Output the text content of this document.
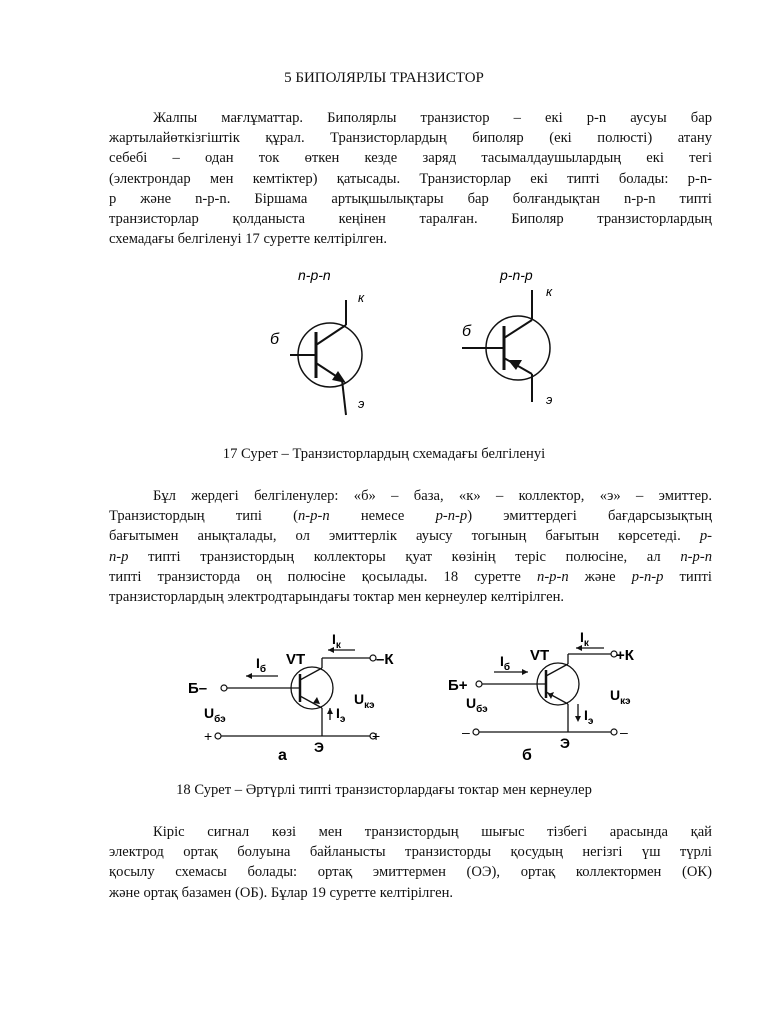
5 БИПОЛЯРЛЫ ТРАНЗИСТОР
Жалпы мағлұматтар. Биполярлы транзистор – екі p-n аусуы бар
жартылайөткізгіштік құрал. Транзисторлардың биполяр (екі полюсті) атану
себебі – одан ток өткен кезде заряд тасымалдаушылардың екі тегі
(электрондар мен кемтіктер) қатысады. Транзисторлар екі типті болады: p-n-
p және n-p-n. Біршама артықшылықтары бар болғандықтан n-p-n типті
транзисторлар қолданыста кеңінен таралған. Биполяр транзисторлардың
схемадағы белгіленуі 17 суретте келтірілген.
n-p-n
б
к
э
p-n-p
б
к
э
17 Сурет – Транзисторлардың схемадағы белгіленуі
Бұл жердегі белгіленулер: «б» – база, «к» – коллектор, «э» – эмиттер.
Транзистордың типі (n-p-n немесе p-n-p) эмиттердегі бағдарсызықтың
бағытымен анықталады, ол эмиттерлік ауысу тогының бағытын көрсетеді. p-
n-p типті транзистордың коллекторы қуат көзінің теріс полюсіне, ал n-p-n
типті транзисторда оң полюсіне қосылады. 18 суретте n-p-n және p-n-p типті
транзисторлардың электродтарындағы токтар мен кернеулер келтірілген.
VT
$I_к$
$I_б$
$I_э$
$U_{бэ}$
$U_{кэ}$
Б–
–К
Э
+	+
а
VT
$I_к$
$I_б$
$I_э$
$U_{бэ}$
$U_{кэ}$
Б+
+К
Э
–	–
б
18 Сурет – Әртүрлі типті транзисторлардағы токтар мен кернеулер
Кіріс сигнал көзі мен транзистордың шығыс тізбегі арасында қай
электрод ортақ болуына байланысты транзисторды қосудың негізгі үш түрлі
қосылу схемасы болады: ортақ эмиттермен (ОЭ), ортақ коллектормен (ОК)
және ортақ базамен (ОБ). Бұлар 19 суретте келтірілген.
